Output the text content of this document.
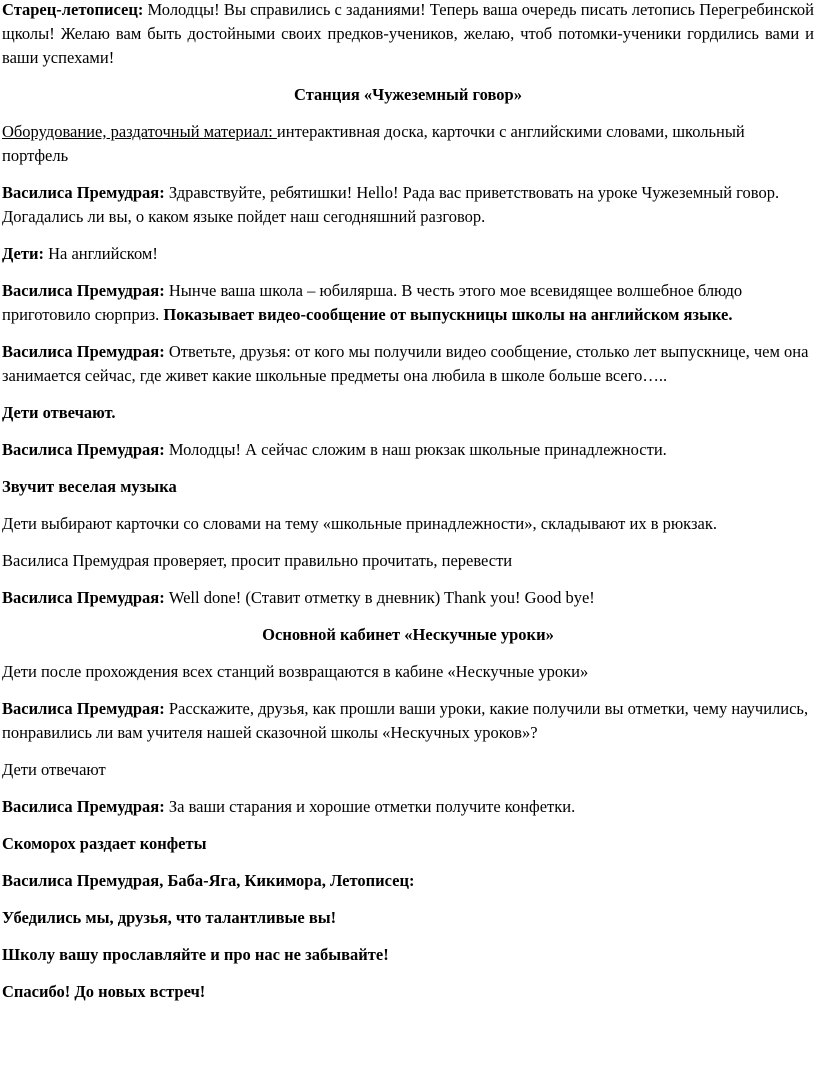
Старец-летописец: Молодцы! Вы справились с заданиями! Теперь ваша очередь писать летопись Перегребинской щколы! Желаю вам быть достойными своих предков-учеников, желаю, чтоб потомки-ученики гордились вами и ваши успехами!

Станция «Чужеземный говор»

Оборудование, раздаточный материал: интерактивная доска, карточки с английскими словами, школьный портфель

Василиса Премудрая: Здравствуйте, ребятишки! Hello! Рада вас приветствовать на уроке Чужеземный говор. Догадались ли вы, о каком языке пойдет наш сегодняшний разговор.

Дети: На английском!

Василиса Премудрая: Нынче ваша школа – юбилярша. В честь этого мое всевидящее волшебное блюдо приготовило сюрприз. Показывает видео-сообщение от выпускницы школы на английском языке.

Василиса Премудрая: Ответьте, друзья: от кого мы получили видео сообщение, столько лет выпускнице, чем она занимается сейчас, где живет какие школьные предметы она любила в школе больше всего…..

Дети отвечают.

Василиса Премудрая: Молодцы! А сейчас сложим в наш рюкзак школьные принадлежности.

Звучит веселая музыка

Дети выбирают карточки со словами на тему «школьные принадлежности», складывают их в рюкзак.

Василиса Премудрая проверяет, просит правильно прочитать, перевести

Василиса Премудрая: Well done! (Ставит отметку в дневник) Thank you! Good bye!

Основной кабинет «Нескучные уроки»

Дети после прохождения всех станций возвращаются в кабине «Нескучные уроки»

Василиса Премудрая: Расскажите, друзья, как прошли ваши уроки, какие получили вы отметки, чему научились, понравились ли вам учителя нашей сказочной школы «Нескучных уроков»?

Дети отвечают

Василиса Премудрая: За ваши старания и хорошие отметки получите конфетки.

Скоморох раздает конфеты

Василиса Премудрая, Баба-Яга, Кикимора, Летописец:

Убедились мы, друзья, что талантливые вы!

Школу вашу прославляйте и про нас не забывайте!

Спасибо! До новых встреч!
